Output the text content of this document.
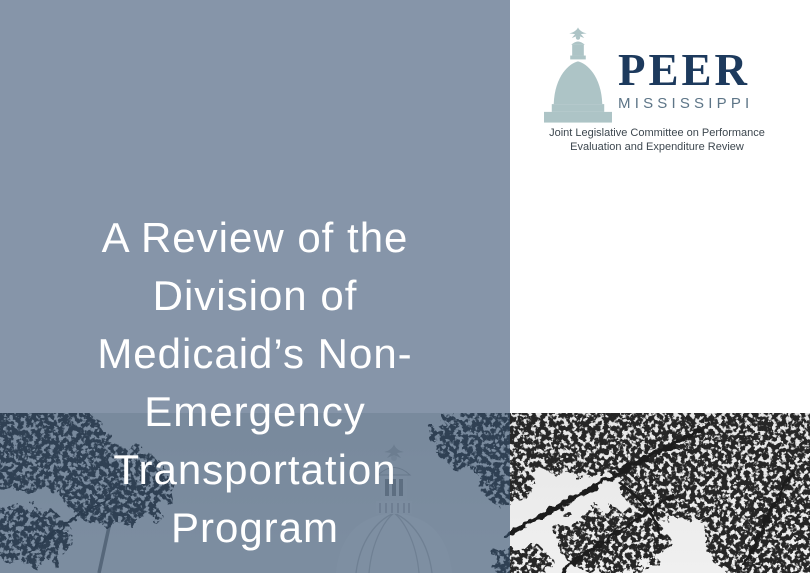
A Review of the
Division of
Medicaid’s Non-
Emergency
Transportation
Program
PEER
MISSISSIPPI
Joint Legislative Committee on Performance
Evaluation and Expenditure Review
